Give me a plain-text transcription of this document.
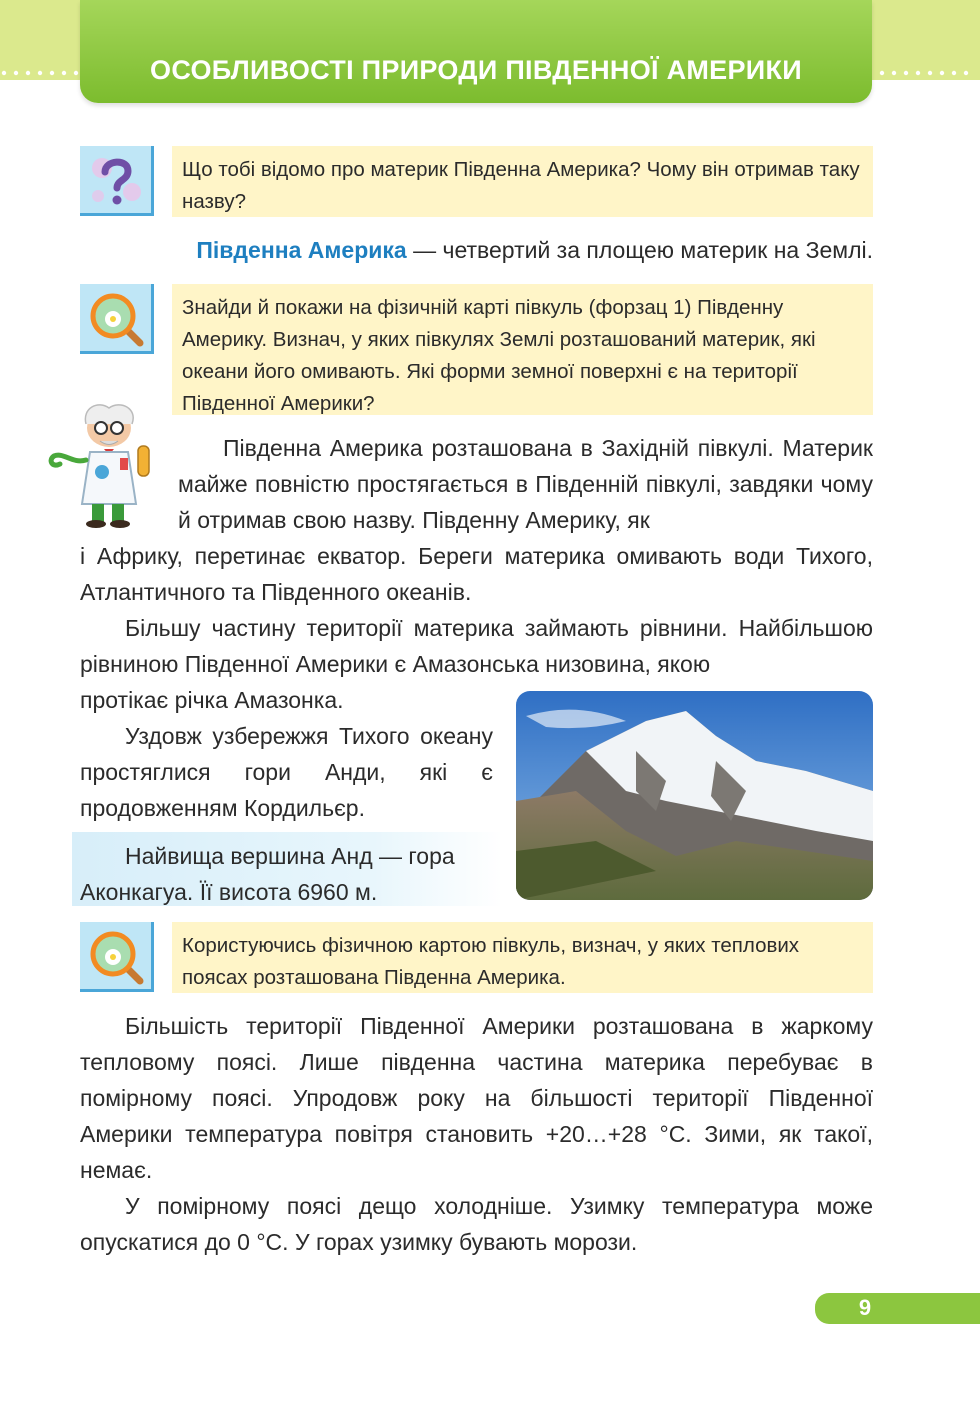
ОСОБЛИВОСТІ ПРИРОДИ ПІВДЕННОЇ АМЕРИКИ
Що тобі відомо про материк Південна Америка? Чому він отримав таку назву?

Південна Америка — четвертий за площею материк на Землі.

Знайди й покажи на фізичній карті півкуль (форзац 1) Південну Америку. Визнач, у яких півкулях Землі розташований материк, які океани його омивають. Які форми земної поверхні є на території Південної Америки?

Південна Америка розташована в Західній півкулі. Материк майже повністю простягається в Південній півкулі, завдяки чому й отримав свою назву. Південну Америку, як

і Африку, перетинає екватор. Береги материка омивають води Тихого, Атлантичного та Південного океанів.

Більшу частину території материка займають рівнини. Найбільшою рівниною Південної Америки є Амазонська низовина, якою

протікає річка Амазонка.

Уздовж узбережжя Тихого океану простяглися гори Анди, які є продовженням Кордильєр.

Найвища вершина Анд — гора Аконкагуа. Її висота 6960 м.

Користуючись фізичною картою півкуль, визнач, у яких теплових поясах розташована Південна Америка.

Більшість території Південної Америки розташована в жаркому тепловому поясі. Лише південна частина материка перебуває в помірному поясі. Упродовж року на більшості території Південної Америки температура повітря становить +20…+28 °С. Зими, як такої, немає.

У помірному поясі дещо холодніше. Узимку температура може опускатися до 0 °С. У горах узимку бувають морози.

9
